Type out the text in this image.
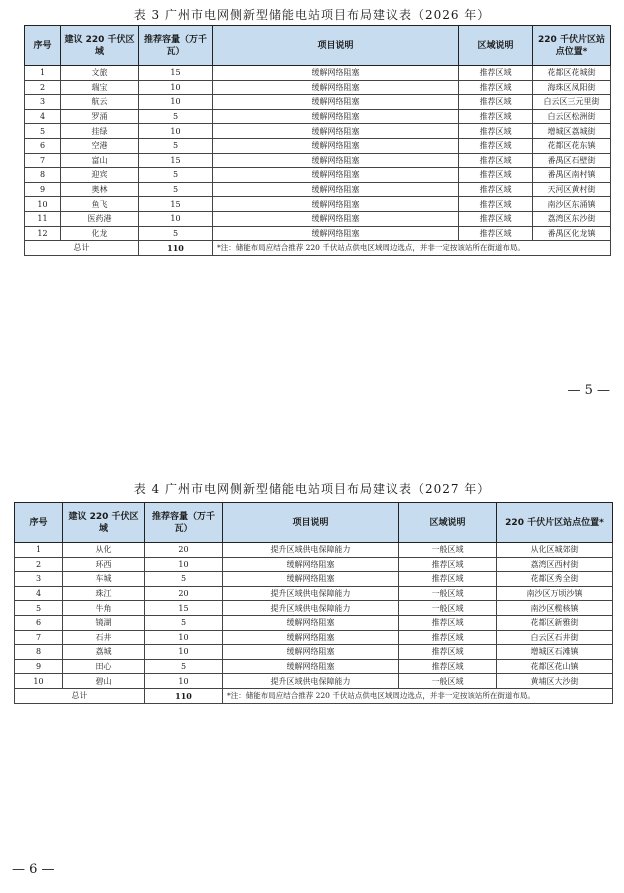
表 3 广州市电网侧新型储能电站项目布局建议表（2026 年）
序号	建议 220 千伏区域	推荐容量（万千瓦）	项目说明	区域说明	220 千伏片区站点位置*
1	文旅	15	缓解网络阻塞	推荐区域	花都区花城街
2	瑞宝	10	缓解网络阻塞	推荐区域	海珠区凤阳街
3	航云	10	缓解网络阻塞	推荐区域	白云区三元里街
4	罗涌	5	缓解网络阻塞	推荐区域	白云区松洲街
5	挂绿	10	缓解网络阻塞	推荐区域	增城区荔城街
6	空港	5	缓解网络阻塞	推荐区域	花都区花东镇
7	富山	15	缓解网络阻塞	推荐区域	番禺区石壁街
8	迎宾	5	缓解网络阻塞	推荐区域	番禺区南村镇
9	奥林	5	缓解网络阻塞	推荐区域	天河区黄村街
10	鱼飞	15	缓解网络阻塞	推荐区域	南沙区东涌镇
11	医药港	10	缓解网络阻塞	推荐区域	荔湾区东沙街
12	化龙	5	缓解网络阻塞	推荐区域	番禺区化龙镇
总计		110	*注：储能布局应结合推荐 220 千伏站点供电区域周边选点，并非一定按该站所在街道布局。		
— 5 —
表 4 广州市电网侧新型储能电站项目布局建议表（2027 年）
序号	建议 220 千伏区域	推荐容量（万千瓦）	项目说明	区域说明	220 千伏片区站点位置*
1	从化	20	提升区域供电保障能力	一般区域	从化区城郊街
2	环西	10	缓解网络阻塞	推荐区域	荔湾区西村街
3	车城	5	缓解网络阻塞	推荐区域	花都区秀全街
4	珠江	20	提升区域供电保障能力	一般区域	南沙区万顷沙镇
5	牛角	15	提升区域供电保障能力	一般区域	南沙区榄核镇
6	镜湖	5	缓解网络阻塞	推荐区域	花都区新雅街
7	石井	10	缓解网络阻塞	推荐区域	白云区石井街
8	荔城	10	缓解网络阻塞	推荐区域	增城区石滩镇
9	田心	5	缓解网络阻塞	推荐区域	花都区花山镇
10	碧山	10	提升区域供电保障能力	一般区域	黄埔区大沙街
总计		110	*注：储能布局应结合推荐 220 千伏站点供电区域周边选点，并非一定按该站所在街道布局。		
— 6 —
